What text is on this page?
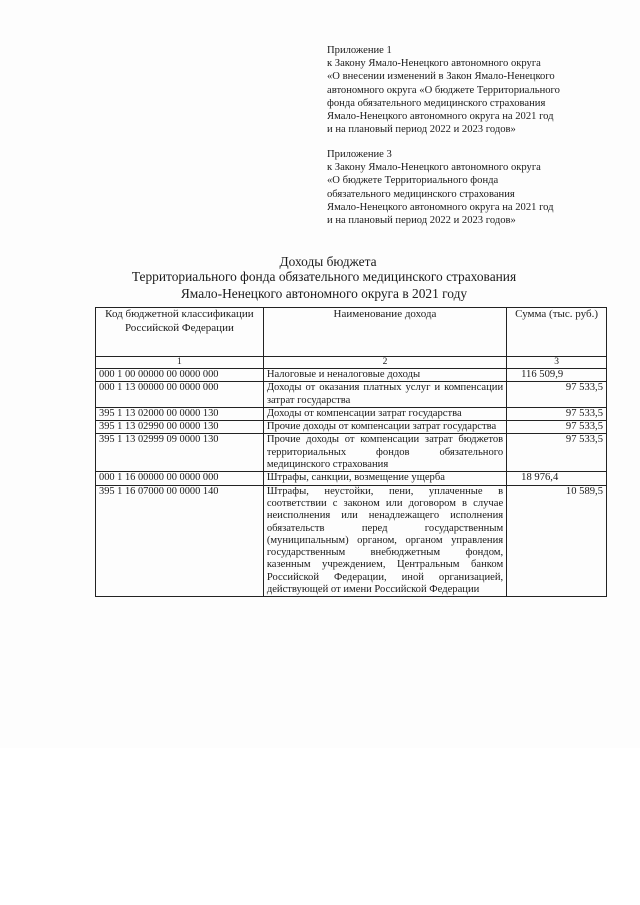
Приложение 1
к Закону Ямало-Ненецкого автономного округа
«О внесении изменений в Закон Ямало-Ненецкого
автономного округа «О бюджете Территориального
фонда обязательного медицинского страхования
Ямало-Ненецкого автономного округа на 2021 год
и на плановый период 2022 и 2023 годов»
Приложение 3
к Закону Ямало-Ненецкого автономного округа
«О бюджете Территориального фонда
обязательного медицинского страхования
Ямало-Ненецкого автономного округа на 2021 год
и на плановый период 2022 и 2023 годов»
Доходы бюджета
Территориального фонда обязательного медицинского страхования
Ямало-Ненецкого автономного округа в 2021 году
Код бюджетной классификации Российской Федерации	Наименование дохода	Сумма (тыс. руб.)
1	2	3
000 1 00 00000 00 0000 000	Налоговые и неналоговые доходы	116 509,9
000 1 13 00000 00 0000 000	Доходы от оказания платных услуг и компенсации затрат государства	97 533,5
395 1 13 02000 00 0000 130	Доходы от компенсации затрат государства	97 533,5
395 1 13 02990 00 0000 130	Прочие доходы от компенсации затрат государства	97 533,5
395 1 13 02999 09 0000 130	Прочие доходы от компенсации затрат бюджетов территориальных фондов обязательного медицинского страхования	97 533,5
000 1 16 00000 00 0000 000	Штрафы, санкции, возмещение ущерба	18 976,4
395 1 16 07000 00 0000 140	Штрафы, неустойки, пени, уплаченные в соответствии с законом или договором в случае неисполнения или ненадлежащего исполнения обязательств перед государственным (муниципальным) органом, органом управления государственным внебюджетным фондом, казенным учреждением, Центральным банком Российской Федерации, иной организацией, действующей от имени Российской Федерации	10 589,5
